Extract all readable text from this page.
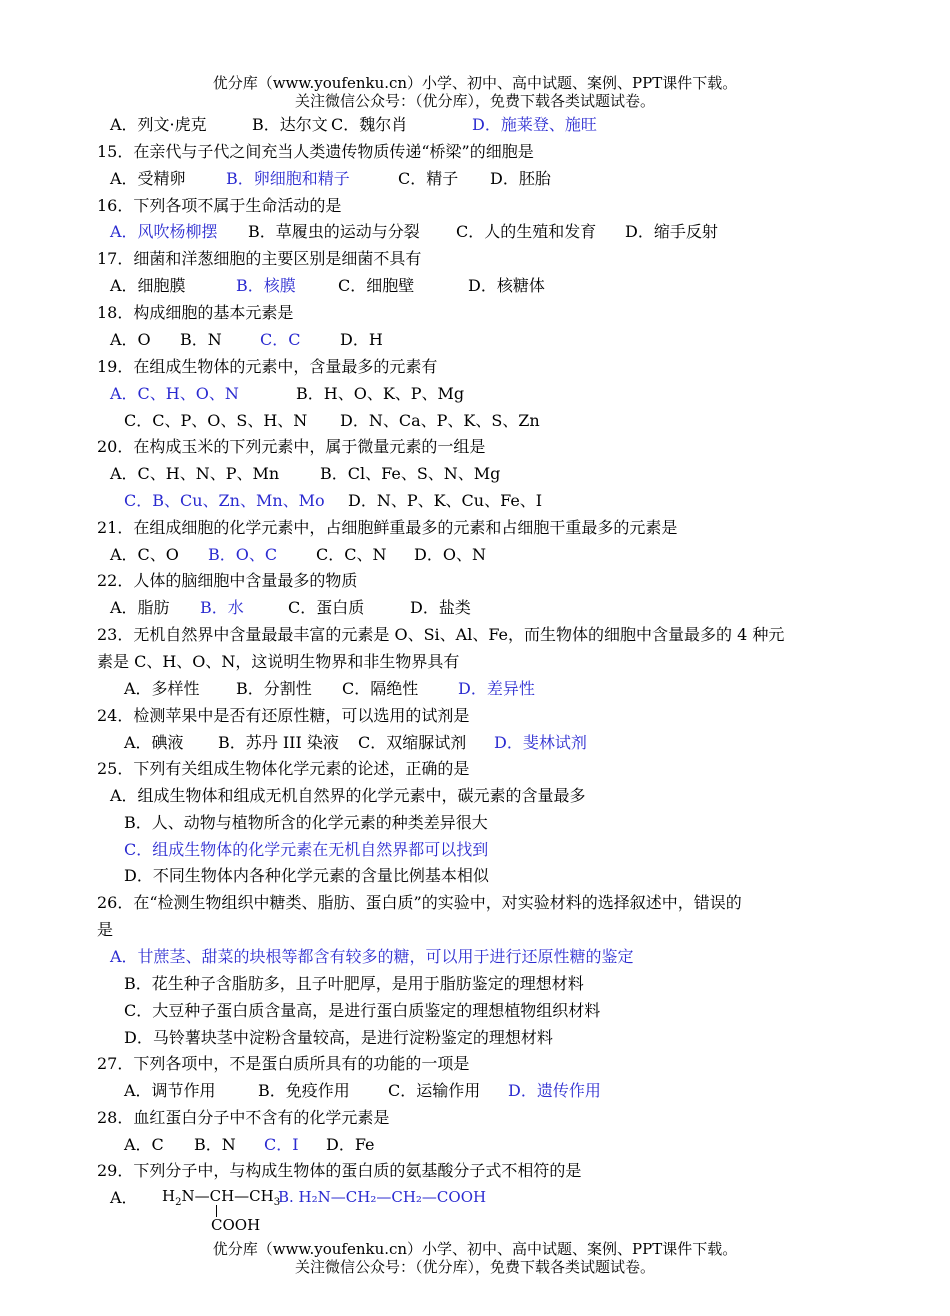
优分库（www.youfenku.cn）小学、初中、高中试题、案例、PPT课件下载。
关注微信公众号：（优分库），免费下载各类试题试卷。
A．列文·虎克	B．达尔文 C．魏尔肖	D．施莱登、施旺
15．在亲代与子代之间充当人类遗传物质传递“桥梁”的细胞是
A．受精卵	B．卵细胞和精子	C．精子 D．胚胎
16．下列各项不属于生命活动的是
A．风吹杨柳摆 B．草履虫的运动与分裂 C．人的生殖和发育 D．缩手反射
17．细菌和洋葱细胞的主要区别是细菌不具有
A．细胞膜	B．核膜	C．细胞壁	D．核糖体
18．构成细胞的基本元素是
A．O B．N C．C D．H
19．在组成生物体的元素中，含量最多的元素有
A．C、H、O、N	B．H、O、K、P、Mg
C．C、P、O、S、H、N D．N、Ca、P、K、S、Zn
20．在构成玉米的下列元素中，属于微量元素的一组是
A．C、H、N、P、Mn	B．Cl、Fe、S、N、Mg
C．B、Cu、Zn、Mn、Mo D．N、P、K、Cu、Fe、I
21．在组成细胞的化学元素中，占细胞鲜重最多的元素和占细胞干重最多的元素是
A．C、O B．O、C C．C、N D．O、N
22．人体的脑细胞中含量最多的物质
A．脂肪 B．水	C．蛋白质	D．盐类
23．无机自然界中含量最最丰富的元素是 O、Si、Al、Fe，而生物体的细胞中含量最多的 4 种元
素是 C、H、O、N，这说明生物界和非生物界具有
A．多样性 B．分割性 C．隔绝性 D．差异性
24．检测苹果中是否有还原性糖，可以选用的试剂是
A．碘液 B．苏丹 III 染液 C．双缩脲试剂 D．斐林试剂
25．下列有关组成生物体化学元素的论述，正确的是
A．组成生物体和组成无机自然界的化学元素中，碳元素的含量最多
B．人、动物与植物所含的化学元素的种类差异很大
C．组成生物体的化学元素在无机自然界都可以找到
D．不同生物体内各种化学元素的含量比例基本相似
26．在“检测生物组织中糖类、脂肪、蛋白质”的实验中，对实验材料的选择叙述中，错误的
是
A．甘蔗茎、甜菜的块根等都含有较多的糖，可以用于进行还原性糖的鉴定
B．花生种子含脂肪多，且子叶肥厚，是用于脂肪鉴定的理想材料
C．大豆种子蛋白质含量高，是进行蛋白质鉴定的理想植物组织材料
D．马铃薯块茎中淀粉含量较高，是进行淀粉鉴定的理想材料
27．下列各项中，不是蛋白质所具有的功能的一项是
A．调节作用	B．免疫作用 C．运输作用 D．遗传作用
28．血红蛋白分子中不含有的化学元素是
A．C B．N C．I D．Fe
29．下列分子中，与构成生物体的蛋白质的氨基酸分子式不相符的是
A． $H_2N—CH—CH_3$
COOH
B. H₂N—CH₂—CH₂—COOH
优分库（www.youfenku.cn）小学、初中、高中试题、案例、PPT课件下载。
关注微信公众号：（优分库），免费下载各类试题试卷。
